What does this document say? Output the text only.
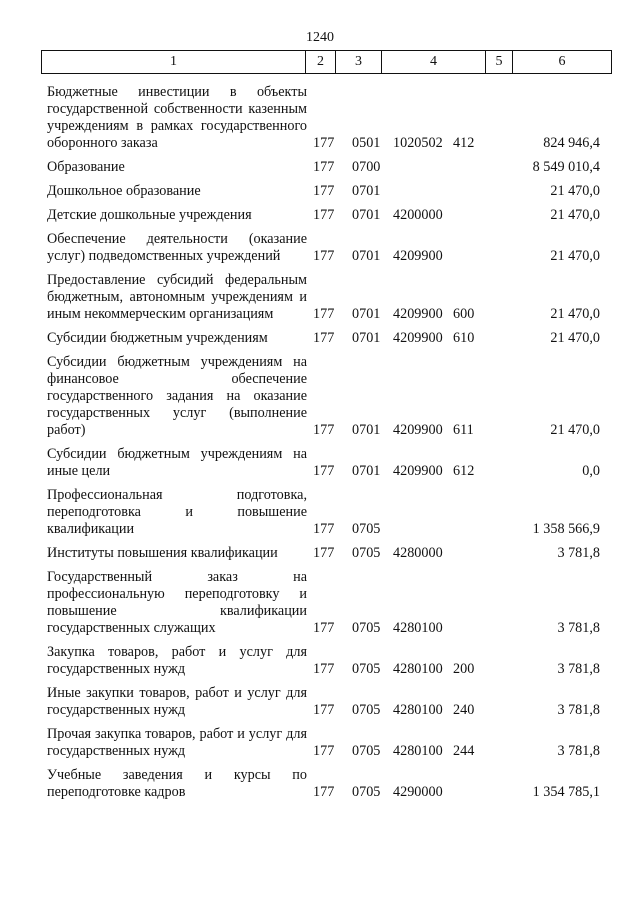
1240
1	2	3	4	5	6
Бюджетные инвестиции в объекты государственной собственности казенным учреждениям в рамках государственного оборонного заказа	177 0501 1020502 412	824 946,4
Образование	177 0700	8 549 010,4
Дошкольное образование	177 0701	21 470,0
Детские дошкольные учреждения	177 0701 4200000	21 470,0
Обеспечение деятельности (оказание услуг) подведомственных учреждений	177 0701 4209900	21 470,0
Предоставление субсидий федеральным бюджетным, автономным учреждениям и иным некоммерческим организациям	177 0701 4209900 600	21 470,0
Субсидии бюджетным учреждениям	177 0701 4209900 610	21 470,0
Субсидии бюджетным учреждениям на финансовое обеспечение государственного задания на оказание государственных услуг (выполнение работ)	177 0701 4209900 611	21 470,0
Субсидии бюджетным учреждениям на иные цели	177 0701 4209900 612	0,0
Профессиональная подготовка, переподготовка и повышение квалификации	177 0705	1 358 566,9
Институты повышения квалификации	177 0705 4280000	3 781,8
Государственный заказ на профессиональную переподготовку и повышение квалификации государственных служащих	177 0705 4280100	3 781,8
Закупка товаров, работ и услуг для государственных нужд	177 0705 4280100 200	3 781,8
Иные закупки товаров, работ и услуг для государственных нужд	177 0705 4280100 240	3 781,8
Прочая закупка товаров, работ и услуг для государственных нужд	177 0705 4280100 244	3 781,8
Учебные заведения и курсы по переподготовке кадров	177 0705 4290000	1 354 785,1
